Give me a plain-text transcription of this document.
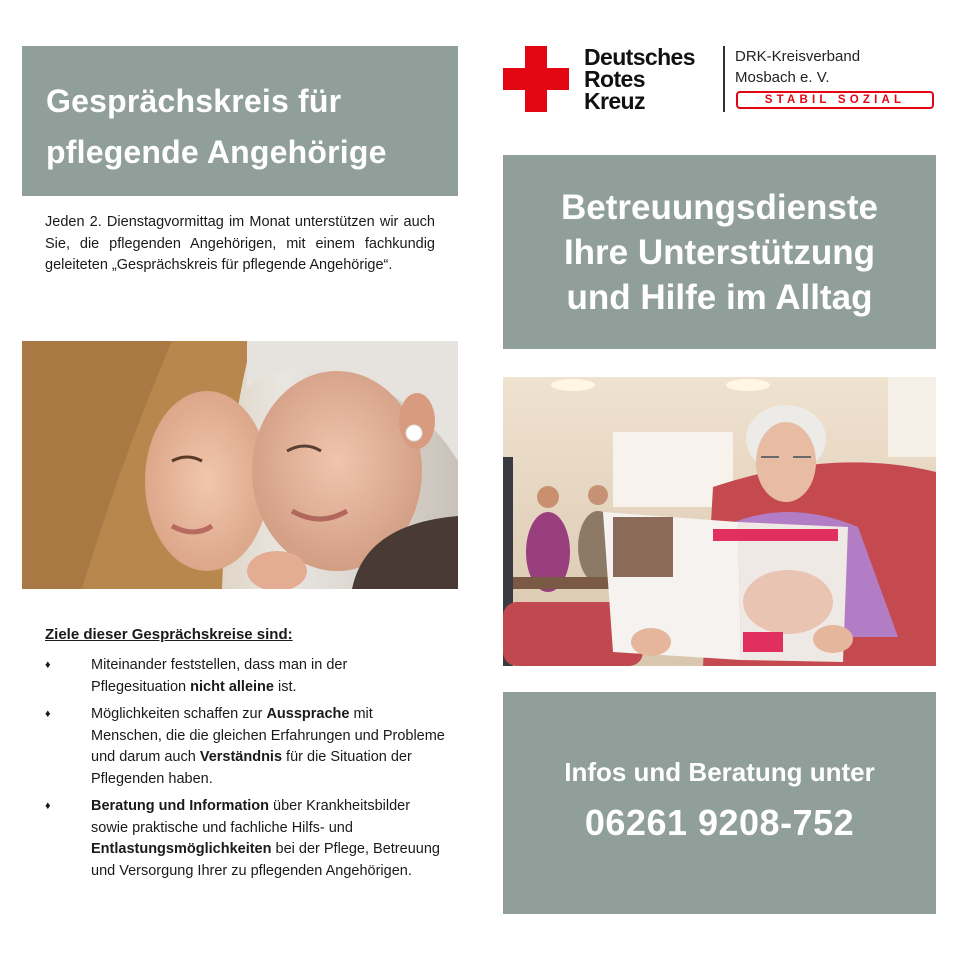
Gesprächskreis für
pflegende Angehörige
Jeden 2. Dienstagvormittag im Monat unterstützen wir auch Sie, die pflegenden Angehörigen, mit einem fachkundig geleiteten „Gesprächskreis für pflegende Angehörige“.
Ziele dieser Gesprächskreise sind:
♦	Miteinander feststellen, dass man in der Pflegesituation nicht alleine ist.
♦	Möglichkeiten schaffen zur Aussprache mit Menschen, die die gleichen Erfahrungen und Probleme und darum auch Verständnis für die Situation der Pflegenden haben.
♦	Beratung und Information über Krankheitsbilder sowie praktische und fachliche Hilfs- und Entlastungsmöglichkeiten bei der Pflege, Betreuung und Versorgung Ihrer zu pflegenden Angehörigen.
Deutsches
Rotes
Kreuz
DRK-Kreisverband
Mosbach e. V.
STABIL SOZIAL
Betreuungsdienste
Ihre Unterstützung
und Hilfe im Alltag
Infos und Beratung unter
06261 9208-752
